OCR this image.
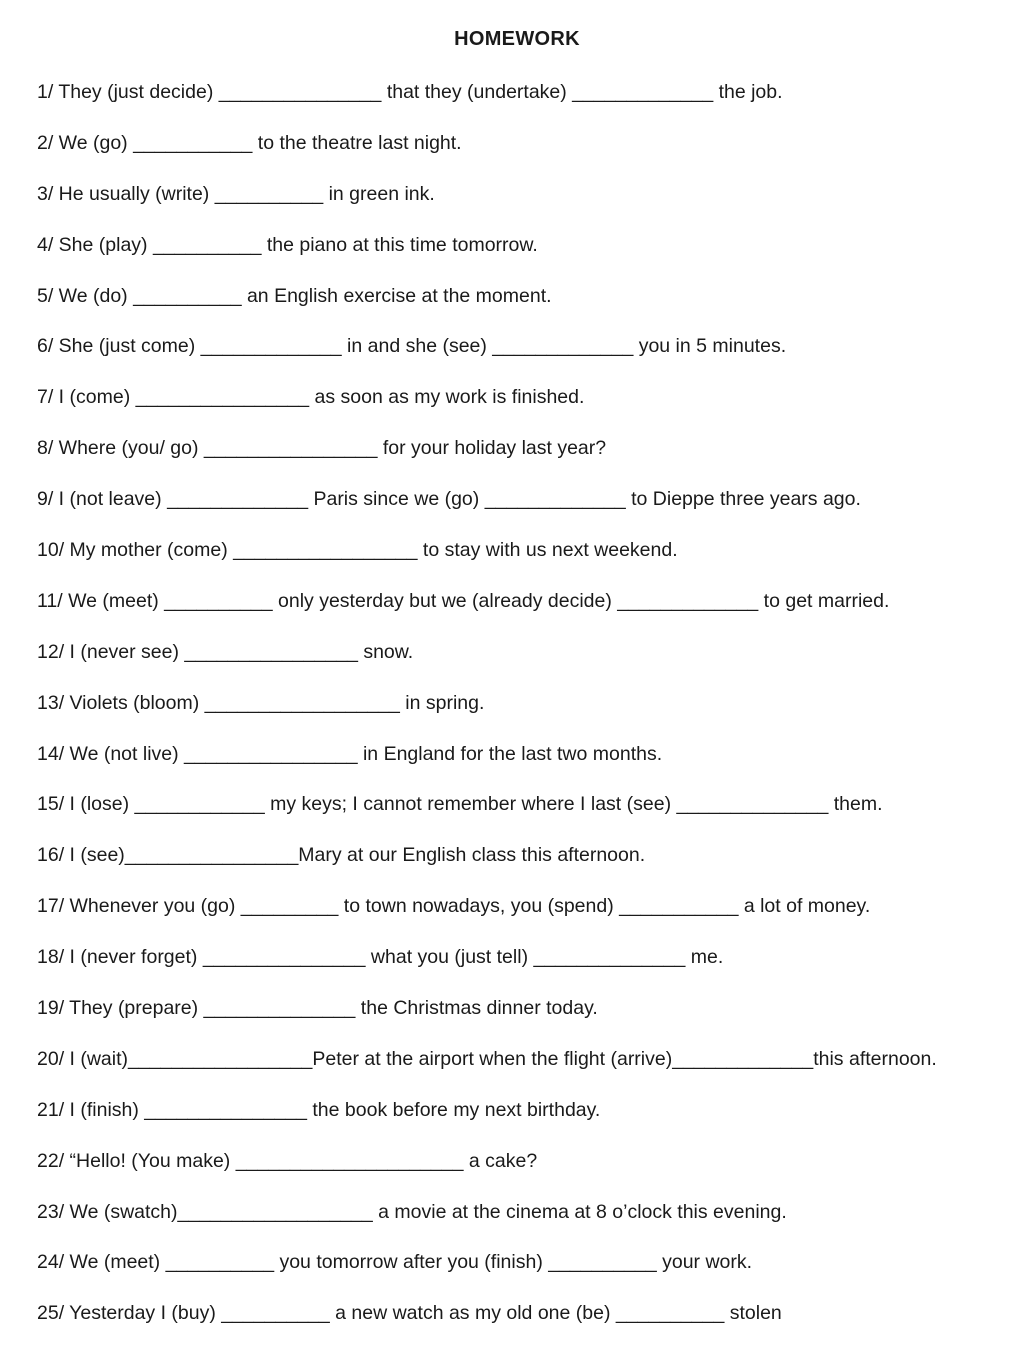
HOMEWORK
1/ They (just decide) _______________ that they (undertake) _____________ the job.
2/ We (go) ___________ to the theatre last night.
3/ He usually (write) __________ in green ink.
4/ She (play) __________ the piano at this time tomorrow.
5/ We (do) __________ an English exercise at the moment.
6/ She (just come) _____________ in and she (see) _____________ you in 5 minutes.
7/ I (come) ________________ as soon as my work is finished.
8/ Where (you/ go) ________________ for your holiday last year?
9/ I (not leave) _____________ Paris since we (go) _____________ to Dieppe three years ago.
10/ My mother (come) _________________ to stay with us next weekend.
11/ We (meet) __________ only yesterday but we (already decide) _____________ to get married.
12/ I (never see) ________________ snow.
13/ Violets (bloom) __________________ in spring.
14/ We (not live) ________________ in England for the last two months.
15/ I (lose) ____________ my keys; I cannot remember where I last (see) ______________ them.
16/ I (see)________________Mary at our English class this afternoon.
17/ Whenever you (go) _________ to town nowadays, you (spend) ___________ a lot of money.
18/ I (never forget) _______________ what you (just tell) ______________ me.
19/ They (prepare) ______________ the Christmas dinner today.
20/ I (wait)_________________Peter at the airport when the flight (arrive)_____________this afternoon.
21/ I (finish) _______________ the book before my next birthday.
22/ “Hello! (You make) _____________________ a cake?
23/ We (swatch)__________________ a movie at the cinema at 8 o’clock this evening.
24/ We (meet) __________ you tomorrow after you (finish) __________ your work.
25/ Yesterday I (buy) __________ a new watch as my old one (be) __________ stolen
